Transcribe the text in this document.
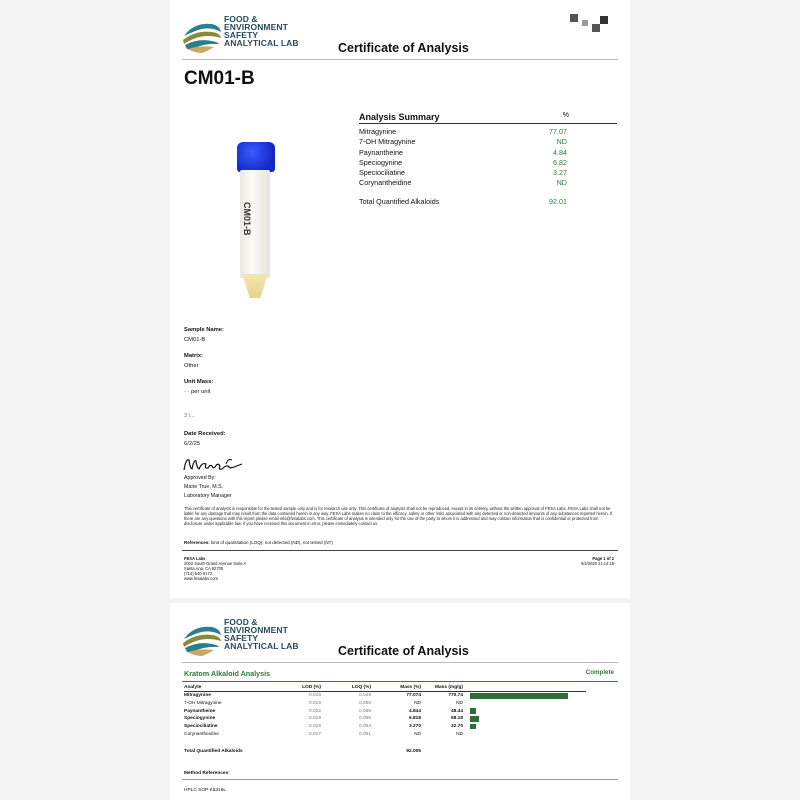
FOOD &
ENVIRONMENT
SAFETY
ANALYTICAL LAB	Certificate of Analysis
CM01-B
CM01-B
Analysis Summary	%
Mitragynine	77.07
7-OH Mitragynine	ND
Paynantheine	4.84
Speciogynine	6.82
Speciociliatine	3.27
Corynantheidine	ND
Total Quantified Alkaloids	92.01
Sample Name:
CM01-B
Matrix:
Other
Unit Mass:
· · per unit
3 l...
Date Received:
6/2/25
Approved By:
Marie True, M.S.
Laboratory Manager
This certificate of analysis is responsible for the tested sample only and is for research use only. This certificate of analysis shall not be reproduced, except in its entirety, without the written approval of FESA Labs. FESA Labs shall not be liable for any damage that may result from the data contained herein in any way. FESA Labs makes no claim to the efficacy, safety or other risks associated with any detected or non-detected amounts of any substances reported herein. If there are any questions with this report please email info@fesalabs.com. This certificate of analysis is intended only for the use of the party to whom it is addressed and may contain information that is confidential or protected from disclosure under applicable law. If you have received this document in error, please immediately contact us.
References: limit of quantitation (LOQ), not detected (ND), not tested (NT)
FESA Labs
2002 South Grand Avenue Suite A
Santa Ana, CA 92705
(714) 540-0172
www.fesalabs.com
Page 1 of 2
6/4/2025 21:14:19
FOOD &
ENVIRONMENT
SAFETY
ANALYTICAL LAB	Certificate of Analysis
Kratom Alkaloid Analysis	Complete
Analyte	LOD (%)	LOQ (%)	Mass (%)	Mass (mg/g)	
Mitragynine	0.016	0.049	77.074	770.74	

7-OH Mitragynine	0.019	0.058	ND	ND	
Paynantheine	0.022	0.066	4.844	48.44	

Speciogynine	0.019	0.056	6.818	68.18	

Speciociliatine	0.018	0.054	3.270	32.70	

Corynantheidine	0.017	0.051	ND	ND	

Total Quantified Alkaloids			92.006		
Method References:
HPLC SOP K5316L
